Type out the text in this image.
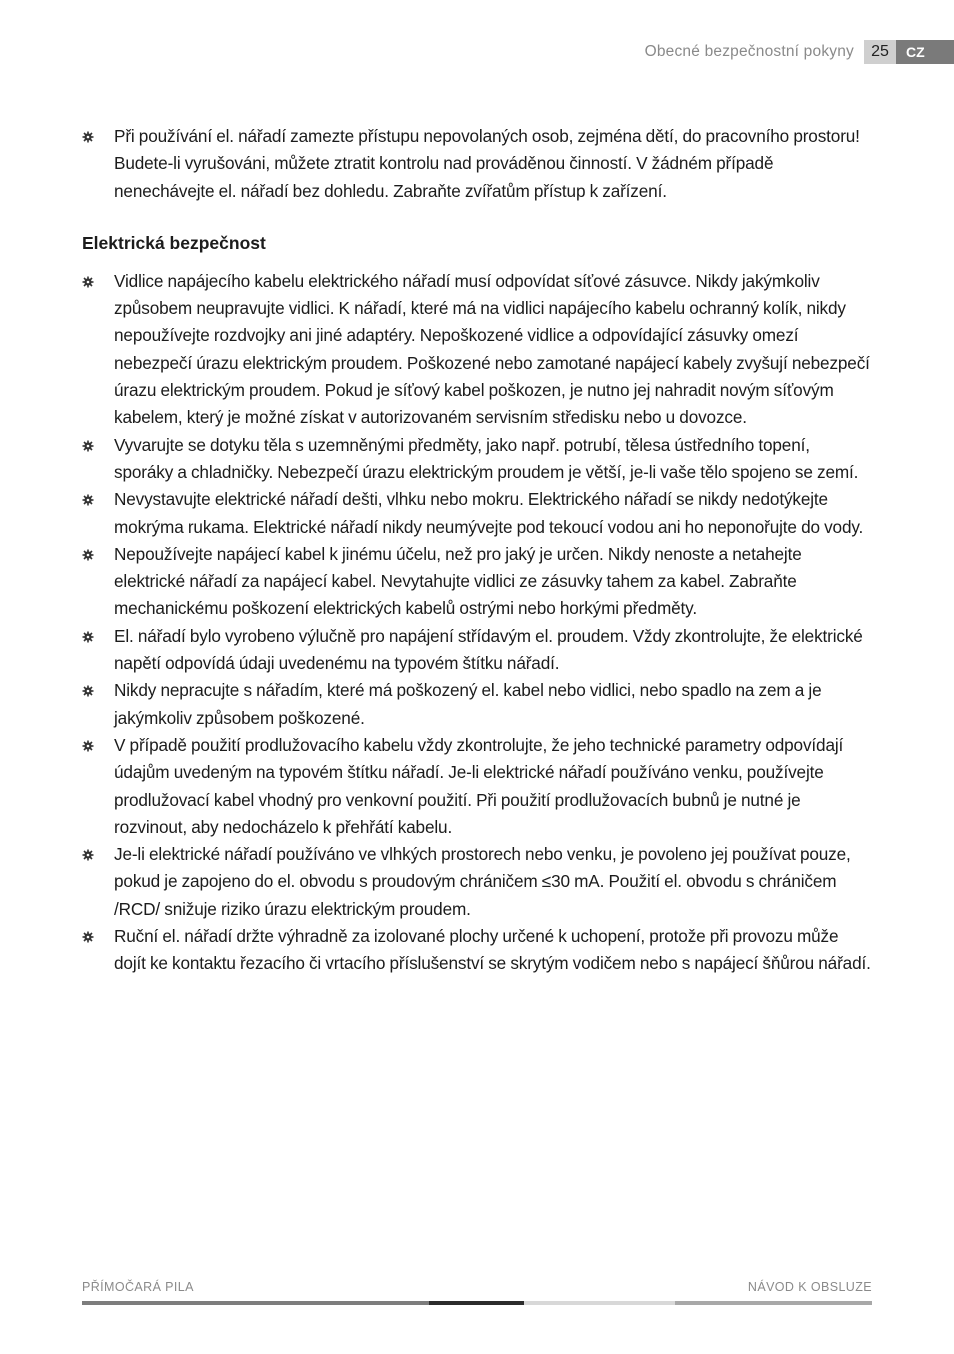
Obecné bezpečnostní pokyny	25	CZ
Při používání el. nářadí zamezte přístupu nepovolaných osob, zejména dětí, do pracovního prostoru! Budete-li vyrušováni, můžete ztratit kontrolu nad prováděnou činností. V žádném případě nenechávejte el. nářadí bez dohledu. Zabraňte zvířatům přístup k zařízení.
Elektrická bezpečnost
Vidlice napájecího kabelu elektrického nářadí musí odpovídat síťové zásuvce. Nikdy jakýmkoliv způsobem neupravujte vidlici. K nářadí, které má na vidlici napájecího kabelu ochranný kolík, nikdy nepoužívejte rozdvojky ani jiné adaptéry. Nepoškozené vidlice a odpovídající zásuvky omezí nebezpečí úrazu elektrickým proudem. Poškozené nebo zamotané napájecí kabely zvyšují nebezpečí úrazu elektrickým proudem. Pokud je síťový kabel poškozen, je nutno jej nahradit novým síťovým kabelem, který je možné získat v autorizovaném servisním středisku nebo u dovozce.
Vyvarujte se dotyku těla s uzemněnými předměty, jako např. potrubí, tělesa ústředního topení, sporáky a chladničky. Nebezpečí úrazu elektrickým proudem je větší, je-li vaše tělo spojeno se zemí.
Nevystavujte elektrické nářadí dešti, vlhku nebo mokru. Elektrického nářadí se nikdy nedotýkejte mokrýma rukama. Elektrické nářadí nikdy neumývejte pod tekoucí vodou ani ho neponořujte do vody.
Nepoužívejte napájecí kabel k jinému účelu, než pro jaký je určen. Nikdy nenoste a netahejte elektrické nářadí za napájecí kabel. Nevytahujte vidlici ze zásuvky tahem za kabel. Zabraňte mechanickému poškození elektrických kabelů ostrými nebo horkými předměty.
El. nářadí bylo vyrobeno výlučně pro napájení střídavým el. proudem. Vždy zkontrolujte, že elektrické napětí odpovídá údaji uvedenému na typovém štítku nářadí.
Nikdy nepracujte s nářadím, které má poškozený el. kabel nebo vidlici, nebo spadlo na zem a je jakýmkoliv způsobem poškozené.
V případě použití prodlužovacího kabelu vždy zkontrolujte, že jeho technické parametry odpovídají údajům uvedeným na typovém štítku nářadí. Je-li elektrické nářadí používáno venku, používejte prodlužovací kabel vhodný pro venkovní použití. Při použití prodlužovacích bubnů je nutné je rozvinout, aby nedocházelo k přehřátí kabelu.
Je-li elektrické nářadí používáno ve vlhkých prostorech nebo venku, je povoleno jej používat pouze, pokud je zapojeno do el. obvodu s proudovým chráničem ≤30 mA. Použití el. obvodu s chráničem /RCD/ snižuje riziko úrazu elektrickým proudem.
Ruční el. nářadí držte výhradně za izolované plochy určené k uchopení, protože při provozu může dojít ke kontaktu řezacího či vrtacího příslušenství se skrytým vodičem nebo s napájecí šňůrou nářadí.
PŘÍMOČARÁ PILA	NÁVOD K OBSLUZE
